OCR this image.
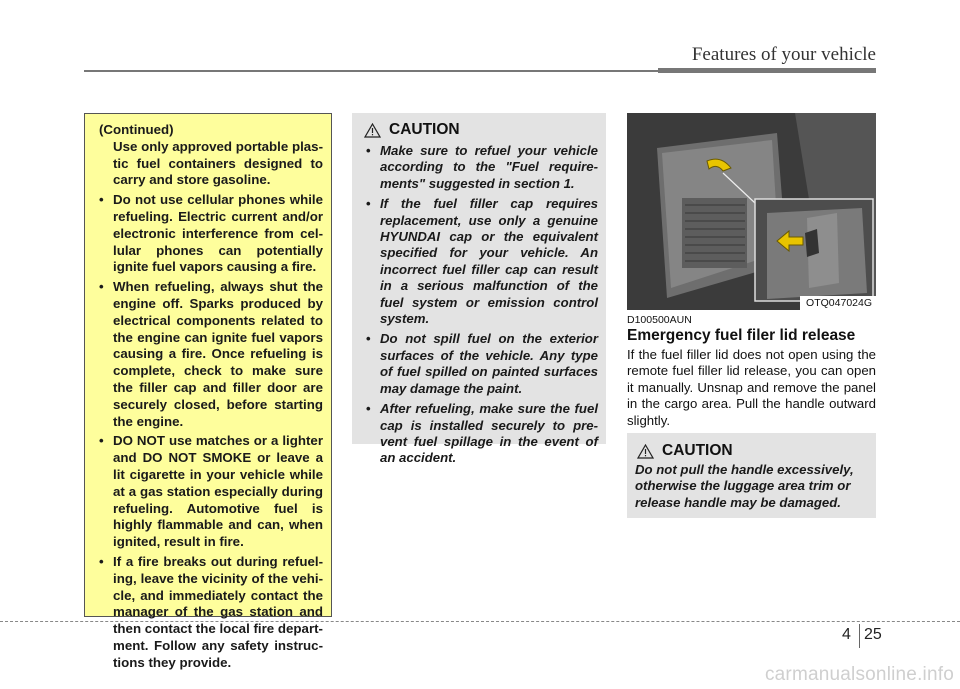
Features of your vehicle
(Continued)
Use only approved portable plas- tic fuel containers designed to carry and store gasoline.
• Do not use cellular phones while refueling. Electric current and/or electronic interference from cel- lular phones can potentially ignite fuel vapors causing a fire.
• When refueling, always shut the engine off. Sparks produced by electrical components related to the engine can ignite fuel vapors causing a fire. Once refueling is complete, check to make sure the filler cap and filler door are securely closed, before starting the engine.
• DO NOT use matches or a lighter and DO NOT SMOKE or leave a lit cigarette in your vehicle while at a gas station especially during refueling. Automotive fuel is highly flammable and can, when ignited, result in fire.
• If a fire breaks out during refuel- ing, leave the vicinity of the vehi- cle, and immediately contact the manager of the gas station and then contact the local fire depart- ment. Follow any safety instruc- tions they provide.
CAUTION
• Make sure to refuel your vehicle according to the "Fuel require- ments" suggested in section 1.
• If the fuel filler cap requires replacement, use only a genuine HYUNDAI cap or the equivalent specified for your vehicle. An incorrect fuel filler cap can result in a serious malfunction of the fuel system or emission control system.
• Do not spill fuel on the exterior surfaces of the vehicle. Any type of fuel spilled on painted surfaces may damage the paint.
• After refueling, make sure the fuel cap is installed securely to pre- vent fuel spillage in the event of an accident.
OTQ047024G
D100500AUN
Emergency fuel filer lid release
If the fuel filler lid does not open using the remote fuel filler lid release, you can open it manually. Unsnap and remove the panel in the cargo area. Pull the handle outward slightly.
CAUTION
Do not pull the handle excessively, otherwise the luggage area trim or release handle may be damaged.
4 25
carmanualsonline.info
